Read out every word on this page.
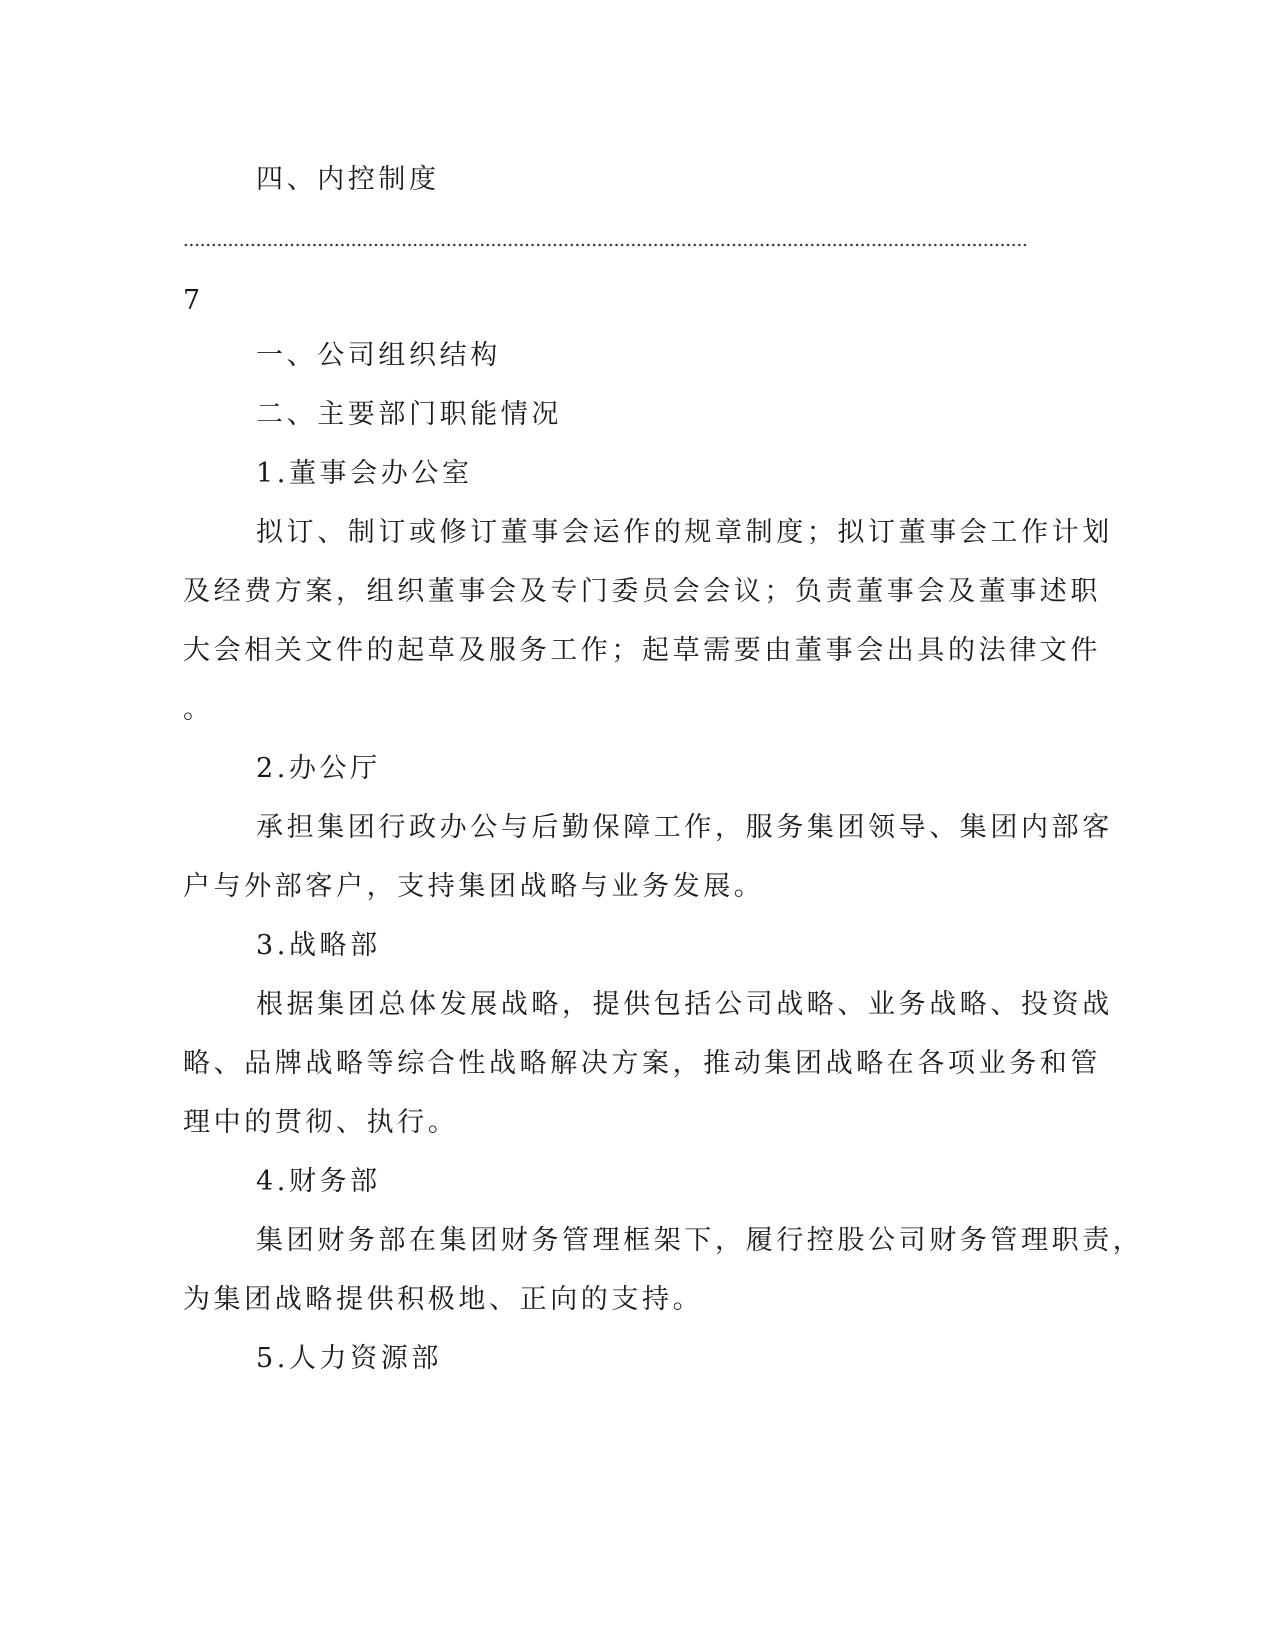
四、内控制度
7
一、公司组织结构
二、主要部门职能情况
1.董事会办公室
拟订、制订或修订董事会运作的规章制度；拟订董事会工作计划
及经费方案，组织董事会及专门委员会会议；负责董事会及董事述职
大会相关文件的起草及服务工作；起草需要由董事会出具的法律文件
。
2.办公厅
承担集团行政办公与后勤保障工作，服务集团领导、集团内部客
户与外部客户，支持集团战略与业务发展。
3.战略部
根据集团总体发展战略，提供包括公司战略、业务战略、投资战
略、品牌战略等综合性战略解决方案，推动集团战略在各项业务和管
理中的贯彻、执行。
4.财务部
集团财务部在集团财务管理框架下，履行控股公司财务管理职责，
为集团战略提供积极地、正向的支持。
5.人力资源部
